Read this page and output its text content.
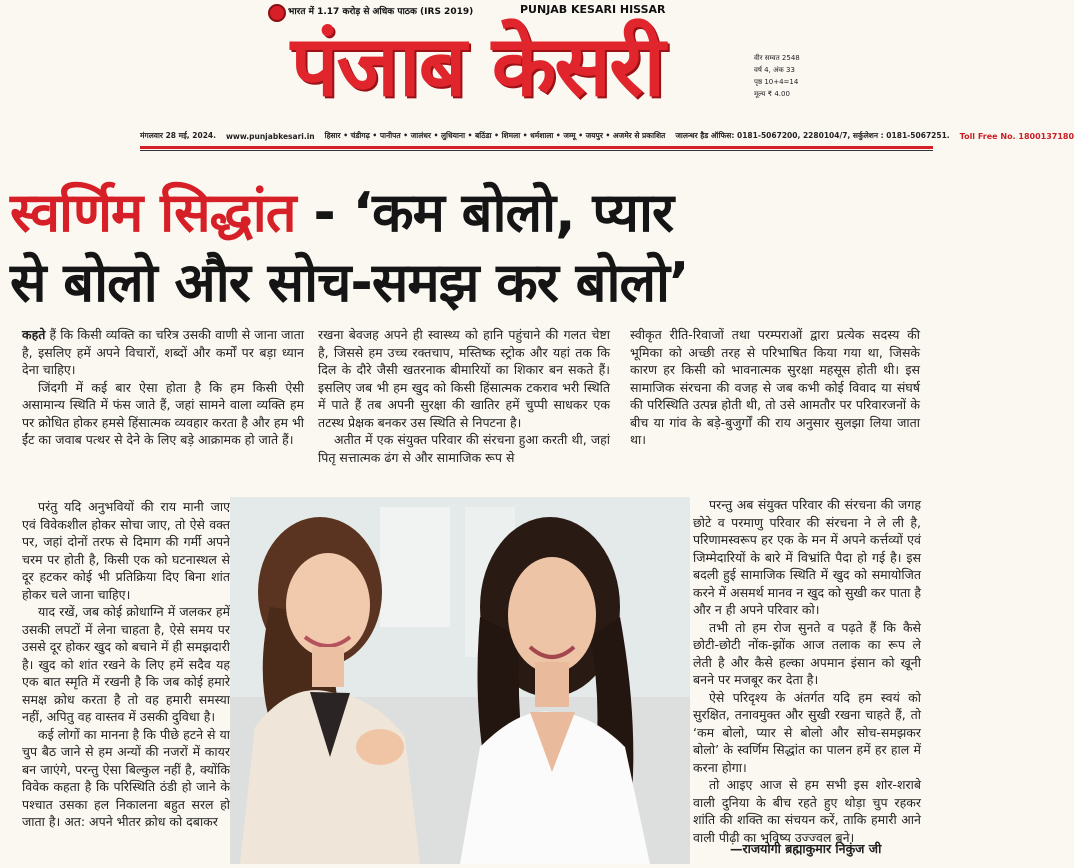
भारत में 1.17 करोड़ से अधिक पाठक (IRS 2019)	PUNJAB KESARI HISSAR
पंजाब केसरी	वीर सम्वत 2548
वर्ष 4, अंक 33
पृष्ठ 10+4=14
मूल्य ₹ 4.00
मंगलवार 28 मई, 2024. www.punjabkesari.in हिसार • चंडीगढ़ • पानीपत • जालंधर • लुधियाना • बठिंडा • शिमला • धर्मशाला • जम्मू • जयपुर • अजमेर से प्रकाशित जालन्धर हैड ऑफिस: 0181-5067200, 2280104/7, सर्कुलेशन : 0181-5067251. Toll Free No. 1800137180
स्वर्णिम सिद्धांत - ‘कम बोलो, प्यार
से बोलो और सोच-समझ कर बोलो’

कहते हैं कि किसी व्यक्ति का चरित्र उसकी वाणी से जाना जाता है, इसलिए हमें अपने विचारों, शब्दों और कर्मों पर बड़ा ध्यान देना चाहिए।

जिंदगी में कई बार ऐसा होता है कि हम किसी ऐसी असामान्य स्थिति में फंस जाते हैं, जहां सामने वाला व्यक्ति हम पर क्रोधित होकर हमसे हिंसात्मक व्यवहार करता है और हम भी ईंट का जवाब पत्थर से देने के लिए बड़े आक्रामक हो जाते हैं।

परंतु यदि अनुभवियों की राय मानी जाए एवं विवेकशील होकर सोचा जाए, तो ऐसे वक्त पर, जहां दोनों तरफ से दिमाग की गर्मी अपने चरम पर होती है, किसी एक को घटनास्थल से दूर हटकर कोई भी प्रतिक्रिया दिए बिना शांत होकर चले जाना चाहिए।

याद रखें, जब कोई क्रोधाग्नि में जलकर हमें उसकी लपटों में लेना चाहता है, ऐसे समय पर उससे दूर होकर खुद को बचाने में ही समझदारी है। खुद को शांत रखने के लिए हमें सदैव यह एक बात स्मृति में रखनी है कि जब कोई हमारे समक्ष क्रोध करता है तो वह हमारी समस्या नहीं, अपितु वह वास्तव में उसकी दुविधा है।

कई लोगों का मानना है कि पीछे हटने से या चुप बैठ जाने से हम अन्यों की नजरों में कायर बन जाएंगे, परन्तु ऐसा बिल्कुल नहीं है, क्योंकि विवेक कहता है कि परिस्थिति ठंडी हो जाने के पश्चात उसका हल निकालना बहुत सरल हो जाता है। अत: अपने भीतर क्रोध को दबाकर

रखना बेवजह अपने ही स्वास्थ्य को हानि पहुंचाने की गलत चेष्टा है, जिससे हम उच्च रक्तचाप, मस्तिष्क स्ट्रोक और यहां तक कि दिल के दौरे जैसी खतरनाक बीमारियों का शिकार बन सकते हैं। इसलिए जब भी हम खुद को किसी हिंसात्मक टकराव भरी स्थिति में पाते हैं तब अपनी सुरक्षा की खातिर हमें चुप्पी साधकर एक तटस्थ प्रेक्षक बनकर उस स्थिति से निपटना है।

अतीत में एक संयुक्त परिवार की संरचना हुआ करती थी, जहां पितृ सत्तात्मक ढंग से और सामाजिक रूप से

स्वीकृत रीति-रिवाजों तथा परम्पराओं द्वारा प्रत्येक सदस्य की भूमिका को अच्छी तरह से परिभाषित किया गया था, जिसके कारण हर किसी को भावनात्मक सुरक्षा महसूस होती थी। इस सामाजिक संरचना की वजह से जब कभी कोई विवाद या संघर्ष की परिस्थिति उत्पन्न होती थी, तो उसे आमतौर पर परिवारजनों के बीच या गांव के बड़े-बुजुर्गों की राय अनुसार सुलझा लिया जाता था।

परन्तु अब संयुक्त परिवार की संरचना की जगह छोटे व परमाणु परिवार की संरचना ने ले ली है, परिणामस्वरूप हर एक के मन में अपने कर्त्तव्यों एवं जिम्मेदारियों के बारे में विभ्रांति पैदा हो गई है। इस बदली हुई सामाजिक स्थिति में खुद को समायोजित करने में असमर्थ मानव न खुद को सुखी कर पाता है और न ही अपने परिवार को।

तभी तो हम रोज सुनते व पढ़ते हैं कि कैसे छोटी-छोटी नोंक-झोंक आज तलाक का रूप ले लेती है और कैसे हल्का अपमान इंसान को खूनी बनने पर मजबूर कर देता है।

ऐसे परिदृश्य के अंतर्गत यदि हम स्वयं को सुरक्षित, तनावमुक्त और सुखी रखना चाहते हैं, तो ‘कम बोलो, प्यार से बोलो और सोच-समझकर बोलो’ के स्वर्णिम सिद्धांत का पालन हमें हर हाल में करना होगा।

तो आइए आज से हम सभी इस शोर-शराबे वाली दुनिया के बीच रहते हुए थोड़ा चुप रहकर शांति की शक्ति का संचयन करें, ताकि हमारी आने वाली पीढ़ी का भविष्य उज्ज्वल बने।

—राजयोगी ब्रह्माकुमार निकुंज जी
